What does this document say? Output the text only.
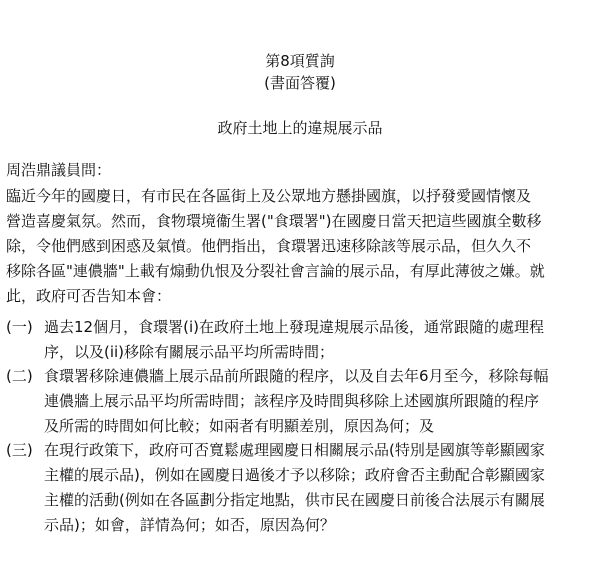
第8項質詢
(書面答覆)
政府土地上的違規展示品
周浩鼎議員問：
臨近今年的國慶日，有市民在各區街上及公眾地方懸掛國旗，以抒發愛國情懷及
營造喜慶氣氛。然而，食物環境衞生署("食環署")在國慶日當天把這些國旗全數移
除，令他們感到困惑及氣憤。他們指出，食環署迅速移除該等展示品，但久久不
移除各區"連儂牆"上載有煽動仇恨及分裂社會言論的展示品，有厚此薄彼之嫌。就
此，政府可否告知本會：
(一) 過去12個月，食環署(i)在政府土地上發現違規展示品後，通常跟隨的處理程
序，以及(ii)移除有關展示品平均所需時間；
(二) 食環署移除連儂牆上展示品前所跟隨的程序，以及自去年6月至今，移除每幅
連儂牆上展示品平均所需時間；該程序及時間與移除上述國旗所跟隨的程序
及所需的時間如何比較；如兩者有明顯差別，原因為何；及
(三) 在現行政策下，政府可否寬鬆處理國慶日相關展示品(特別是國旗等彰顯國家
主權的展示品)，例如在國慶日過後才予以移除；政府會否主動配合彰顯國家
主權的活動(例如在各區劃分指定地點，供市民在國慶日前後合法展示有關展
示品)；如會，詳情為何；如否，原因為何？
